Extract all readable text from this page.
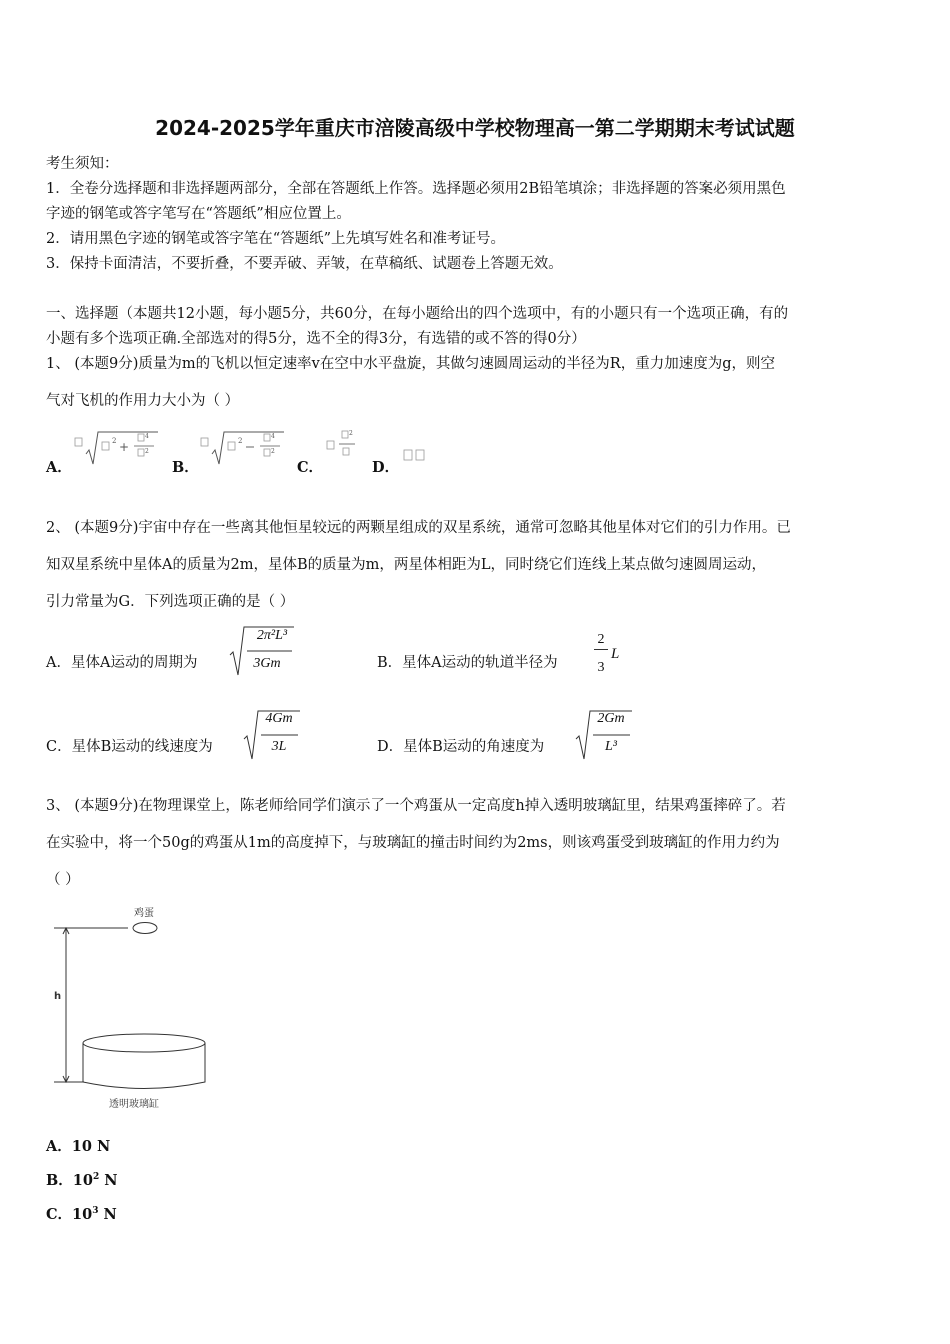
2024-2025学年重庆市涪陵高级中学校物理高一第二学期期末考试试题
考生须知：
1．全卷分选择题和非选择题两部分，全部在答题纸上作答。选择题必须用2B铅笔填涂；非选择题的答案必须用黑色
字迹的钢笔或答字笔写在“答题纸”相应位置上。
2．请用黑色字迹的钢笔或答字笔在“答题纸”上先填写姓名和准考证号。
3．保持卡面清洁，不要折叠，不要弄破、弄皱，在草稿纸、试题卷上答题无效。
一、选择题（本题共12小题，每小题5分，共60分，在每小题给出的四个选项中，有的小题只有一个选项正确，有的
小题有多个选项正确.全部选对的得5分，选不全的得3分，有选错的或不答的得0分）
1、 (本题9分)质量为m的飞机以恒定速率v在空中水平盘旋，其做匀速圆周运动的半径为R，重力加速度为g，则空
气对飞机的作用力大小为（ ）
A．
2 +
4
2
B．
2
4
2
C．
2
D．
2、 (本题9分)宇宙中存在一些离其他恒星较远的两颗星组成的双星系统，通常可忽略其他星体对它们的引力作用。已
知双星系统中星体A的质量为2m，星体B的质量为m，两星体相距为L，同时绕它们连线上某点做匀速圆周运动，
引力常量为G．下列选项正确的是（ ）
A．星体A运动的周期为
2π²L³
3Gm	B．星体A运动的轨道半径为
2
3
L
C．星体B运动的线速度为
4Gm
3L	D．星体B运动的角速度为
2Gm
L³
3、 (本题9分)在物理课堂上，陈老师给同学们演示了一个鸡蛋从一定高度h掉入透明玻璃缸里，结果鸡蛋摔碎了。若
在实验中，将一个50g的鸡蛋从1m的高度掉下，与玻璃缸的撞击时间约为2ms，则该鸡蛋受到玻璃缸的作用力约为
（ ）
鸡蛋
h
透明玻璃缸
A．10 N
B．$10^2$ N
C．$10^3$ N
